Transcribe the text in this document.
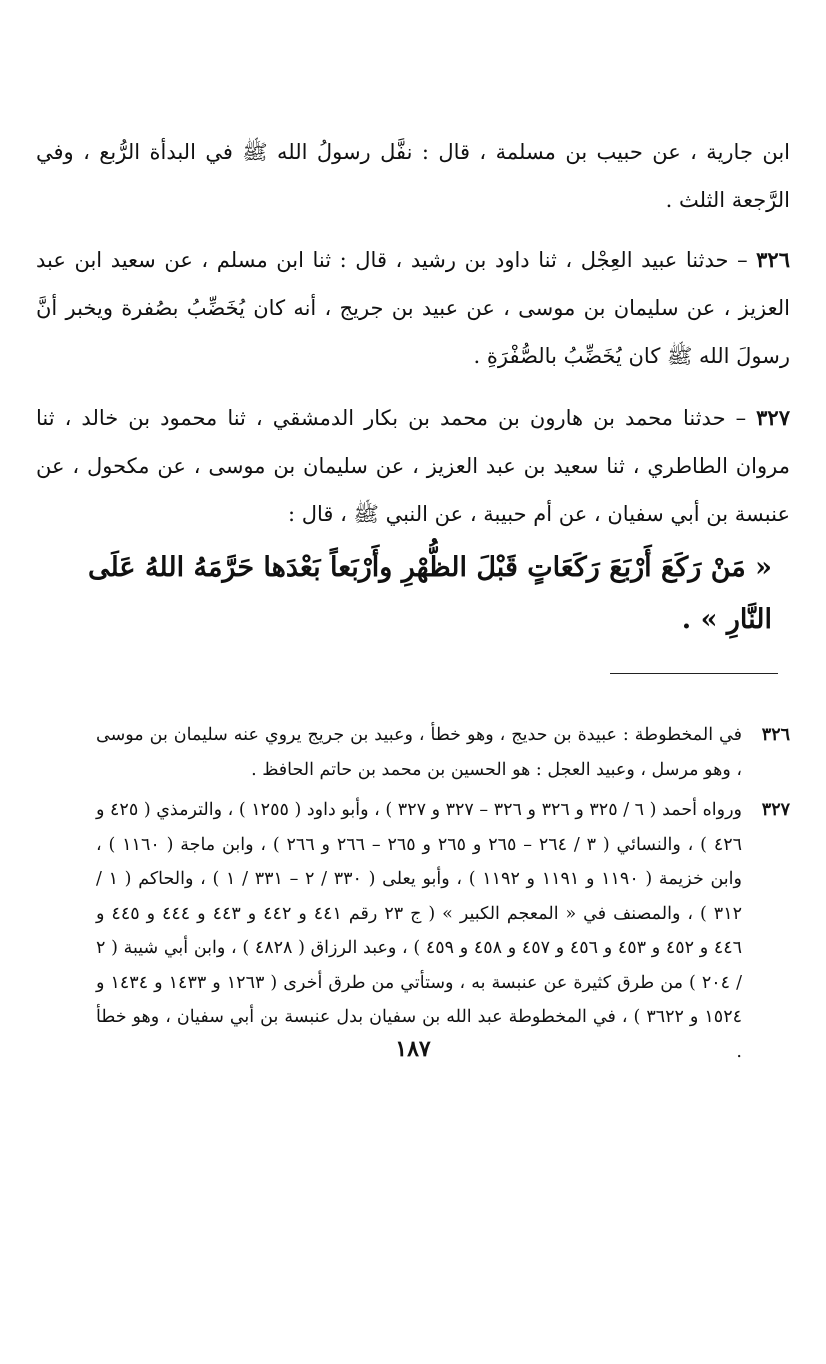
ابن جارية ، عن حبيب بن مسلمة ، قال : نفَّل رسولُ الله ﷺ في البدأة الرُّبع ، وفي الرَّجعة الثلث .

٣٢٦ – حدثنا عبيد العِجْل ، ثنا داود بن رشيد ، قال : ثنا ابن مسلم ، عن سعيد ابن عبد العزيز ، عن سليمان بن موسى ، عن عبيد بن جريج ، أنه كان يُخَضِّبُ بصُفرة ويخبر أنَّ رسولَ الله ﷺ كان يُخَضِّبُ بالصُّفْرَةِ .

٣٢٧ – حدثنا محمد بن هارون بن محمد بن بكار الدمشقي ، ثنا محمود بن خالد ، ثنا مروان الطاطري ، ثنا سعيد بن عبد العزيز ، عن سليمان بن موسى ، عن مكحول ، عن عنبسة بن أبي سفيان ، عن أم حبيبة ، عن النبي ﷺ ، قال :

« مَنْ رَكَعَ أَرْبَعَ رَكَعَاتٍ قَبْلَ الظُّهْرِ وأَرْبَعاً بَعْدَها حَرَّمَهُ اللهُ عَلَى النَّارِ » .

٣٢٦
في المخطوطة : عبيدة بن حديج ، وهو خطأ ، وعبيد بن جريج يروي عنه سليمان بن موسى ، وهو مرسل ، وعبيد العجل : هو الحسين بن محمد بن حاتم الحافظ .
٣٢٧
ورواه أحمد ( ٦ / ٣٢٥ و ٣٢٦ و ٣٢٦ – ٣٢٧ و ٣٢٧ ) ، وأبو داود ( ١٢٥٥ ) ، والترمذي ( ٤٢٥ و ٤٢٦ ) ، والنسائي ( ٣ / ٢٦٤ – ٢٦٥ و ٢٦٥ و ٢٦٥ – ٢٦٦ و ٢٦٦ ) ، وابن ماجة ( ١١٦٠ ) ، وابن خزيمة ( ١١٩٠ و ١١٩١ و ١١٩٢ ) ، وأبو يعلى ( ٣٣٠ / ٢ – ٣٣١ / ١ ) ، والحاكم ( ١ / ٣١٢ ) ، والمصنف في « المعجم الكبير » ( ج ٢٣ رقم ٤٤١ و ٤٤٢ و ٤٤٣ و ٤٤٤ و ٤٤٥ و ٤٤٦ و ٤٥٢ و ٤٥٣ و ٤٥٦ و ٤٥٧ و ٤٥٨ و ٤٥٩ ) ، وعبد الرزاق ( ٤٨٢٨ ) ، وابن أبي شيبة ( ٢ / ٢٠٤ ) من طرق كثيرة عن عنبسة به ، وستأتي من طرق أخرى ( ١٢٦٣ و ١٤٣٣ و ١٤٣٤ و ١٥٢٤ و ٣٦٢٢ ) ، في المخطوطة عبد الله بن سفيان بدل عنبسة بن أبي سفيان ، وهو خطأ .
١٨٧
